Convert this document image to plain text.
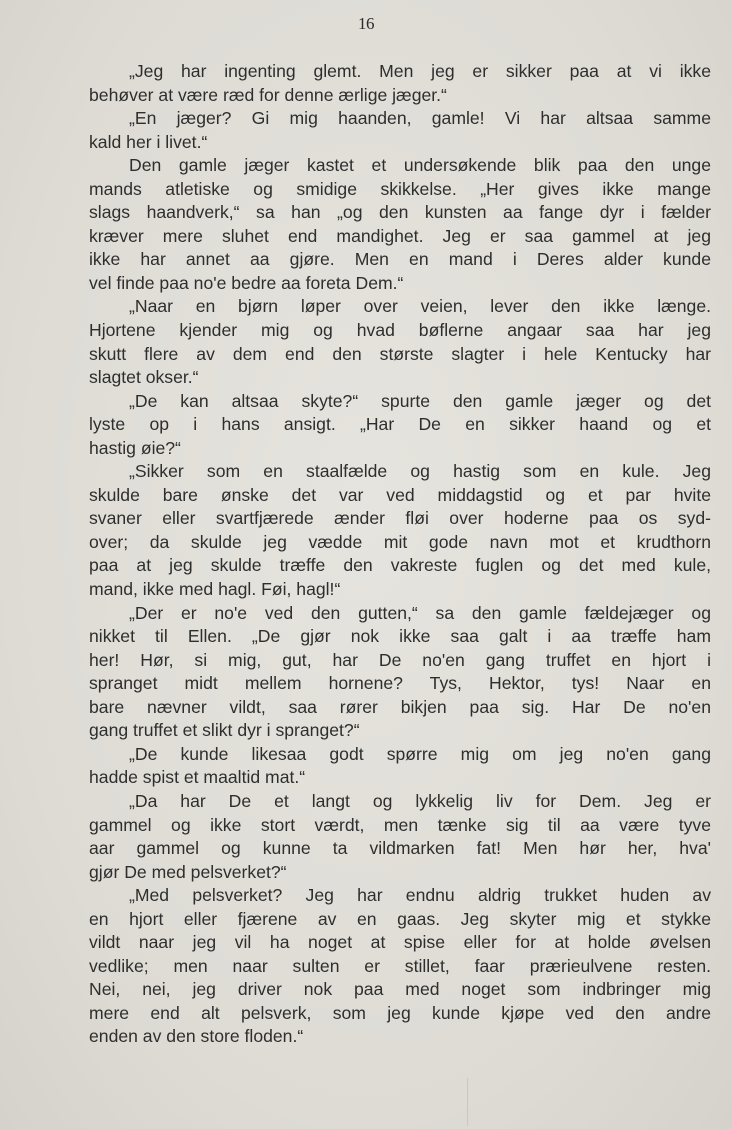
16
„Jeg har ingenting glemt. Men jeg er sikker paa at vi ikke
behøver at være ræd for denne ærlige jæger.“
„En jæger? Gi mig haanden, gamle! Vi har altsaa samme
kald her i livet.“
Den gamle jæger kastet et undersøkende blik paa den unge
mands atletiske og smidige skikkelse. „Her gives ikke mange
slags haandverk,“ sa han „og den kunsten aa fange dyr i fælder
kræver mere sluhet end mandighet. Jeg er saa gammel at jeg
ikke har annet aa gjøre. Men en mand i Deres alder kunde
vel finde paa no'e bedre aa foreta Dem.“
„Naar en bjørn løper over veien, lever den ikke længe.
Hjortene kjender mig og hvad bøflerne angaar saa har jeg
skutt flere av dem end den største slagter i hele Kentucky har
slagtet okser.“
„De kan altsaa skyte?“ spurte den gamle jæger og det
lyste op i hans ansigt. „Har De en sikker haand og et
hastig øie?“
„Sikker som en staalfælde og hastig som en kule. Jeg
skulde bare ønske det var ved middagstid og et par hvite
svaner eller svartfjærede ænder fløi over hoderne paa os syd-
over; da skulde jeg vædde mit gode navn mot et krudthorn
paa at jeg skulde træffe den vakreste fuglen og det med kule,
mand, ikke med hagl. Føi, hagl!“
„Der er no'e ved den gutten,“ sa den gamle fældejæger og
nikket til Ellen. „De gjør nok ikke saa galt i aa træffe ham
her! Hør, si mig, gut, har De no'en gang truffet en hjort i
spranget midt mellem hornene? Tys, Hektor, tys! Naar en
bare nævner vildt, saa rører bikjen paa sig. Har De no'en
gang truffet et slikt dyr i spranget?“
„De kunde likesaa godt spørre mig om jeg no'en gang
hadde spist et maaltid mat.“
„Da har De et langt og lykkelig liv for Dem. Jeg er
gammel og ikke stort værdt, men tænke sig til aa være tyve
aar gammel og kunne ta vildmarken fat! Men hør her, hva'
gjør De med pelsverket?“
„Med pelsverket? Jeg har endnu aldrig trukket huden av
en hjort eller fjærene av en gaas. Jeg skyter mig et stykke
vildt naar jeg vil ha noget at spise eller for at holde øvelsen
vedlike; men naar sulten er stillet, faar prærieulvene resten.
Nei, nei, jeg driver nok paa med noget som indbringer mig
mere end alt pelsverk, som jeg kunde kjøpe ved den andre
enden av den store floden.“
